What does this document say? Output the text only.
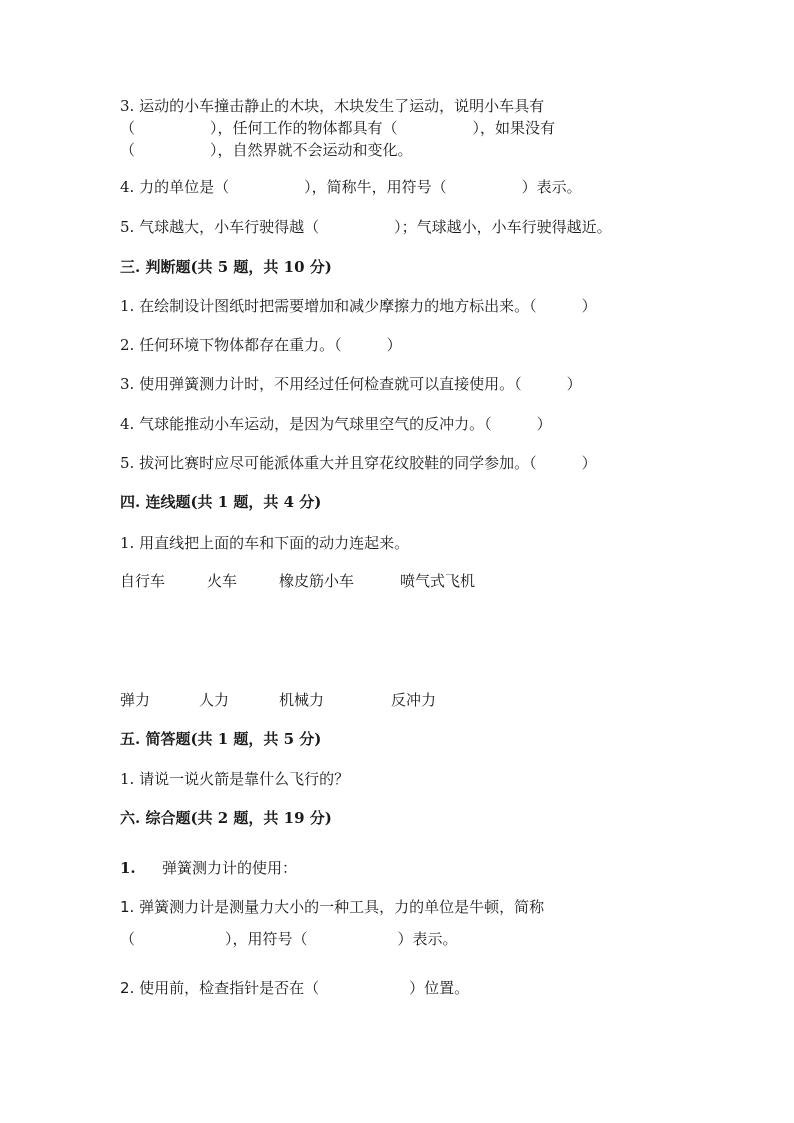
3. 运动的小车撞击静止的木块，木块发生了运动，说明小车具有
（　　　　　），任何工作的物体都具有（　　　　　），如果没有
（　　　　　），自然界就不会运动和变化。
4. 力的单位是（　　　　　），简称牛，用符号（　　　　　）表示。
5. 气球越大，小车行驶得越（　　　　　）；气球越小，小车行驶得越近。
三. 判断题(共 5 题，共 10 分)
1. 在绘制设计图纸时把需要增加和减少摩擦力的地方标出来。（　　　）
2. 任何环境下物体都存在重力。（　　　）
3. 使用弹簧测力计时，不用经过任何检查就可以直接使用。（　　　）
4. 气球能推动小车运动，是因为气球里空气的反冲力。（　　　）
5. 拔河比赛时应尽可能派体重大并且穿花纹胶鞋的同学参加。（　　　）
四. 连线题(共 1 题，共 4 分)
1. 用直线把上面的车和下面的动力连起来。
自行车	火车	橡皮筋小车	喷气式飞机
弹力	人力	机械力	反冲力
五. 简答题(共 1 题，共 5 分)
1. 请说一说火箭是靠什么飞行的？
六. 综合题(共 2 题，共 19 分)
1. 弹簧测力计的使用：
1. 弹簧测力计是测量力大小的一种工具，力的单位是牛顿，简称
（　　　　　　），用符号（　　　　　　）表示。
2. 使用前，检查指针是否在（　　　　　　）位置。
